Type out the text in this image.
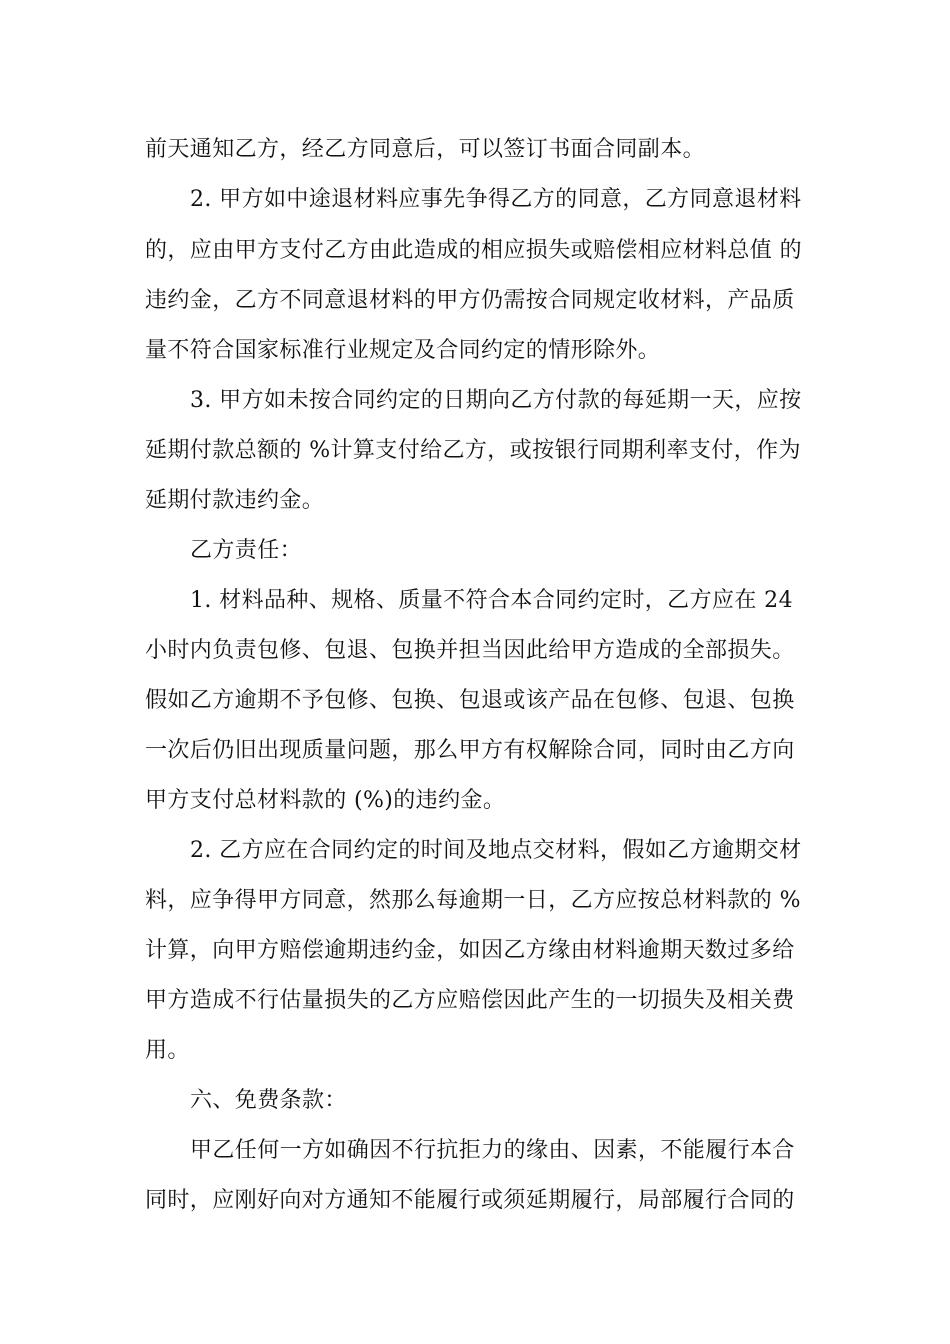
前天通知乙方，经乙方同意后，可以签订书面合同副本。
2. 甲方如中途退材料应事先争得乙方的同意，乙方同意退材料
的，应由甲方支付乙方由此造成的相应损失或赔偿相应材料总值 的
违约金，乙方不同意退材料的甲方仍需按合同规定收材料，产品质
量不符合国家标准行业规定及合同约定的情形除外。
3. 甲方如未按合同约定的日期向乙方付款的每延期一天，应按
延期付款总额的 %计算支付给乙方，或按银行同期利率支付，作为
延期付款违约金。
乙方责任：
1. 材料品种、规格、质量不符合本合同约定时，乙方应在 24
小时内负责包修、包退、包换并担当因此给甲方造成的全部损失。
假如乙方逾期不予包修、包换、包退或该产品在包修、包退、包换
一次后仍旧出现质量问题，那么甲方有权解除合同，同时由乙方向
甲方支付总材料款的 (%)的违约金。
2. 乙方应在合同约定的时间及地点交材料，假如乙方逾期交材
料，应争得甲方同意，然那么每逾期一日，乙方应按总材料款的 %
计算，向甲方赔偿逾期违约金，如因乙方缘由材料逾期天数过多给
甲方造成不行估量损失的乙方应赔偿因此产生的一切损失及相关费
用。
六、免费条款：
甲乙任何一方如确因不行抗拒力的缘由、因素，不能履行本合
同时，应刚好向对方通知不能履行或须延期履行，局部履行合同的
